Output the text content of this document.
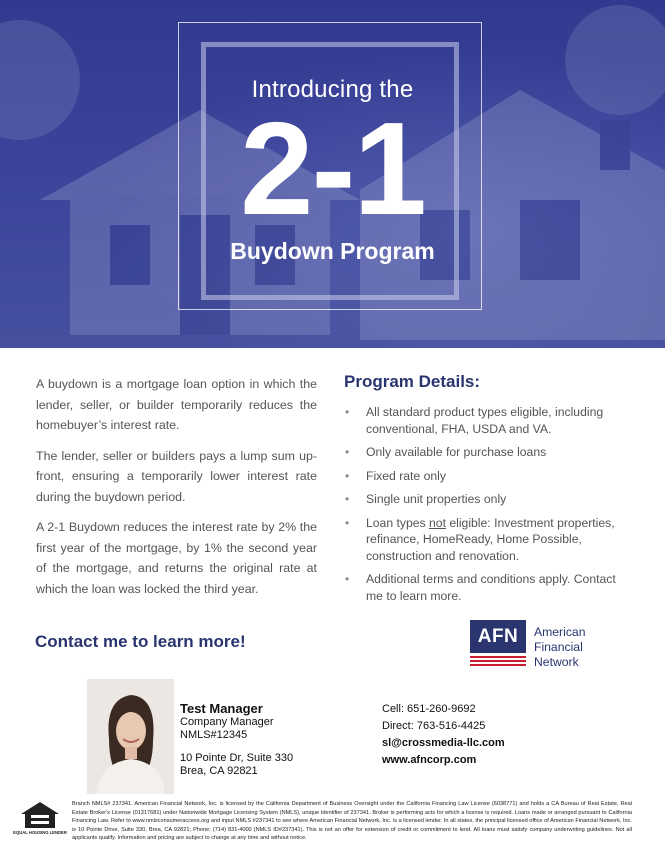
Introducing the
2-1
Buydown Program

A buydown is a mortgage loan option in which the lender, seller, or builder temporarily reduces the homebuyer’s interest rate.

The lender, seller or builders pays a lump sum up-front, ensuring a temporarily lower interest rate during the buydown period.

A 2-1 Buydown reduces the interest rate by 2% the first year of the mortgage, by 1% the second year of the mortgage, and returns the original rate at which the loan was locked the third year.

Program Details:
• All standard product types eligible, including conventional, FHA, USDA and VA.
• Only available for purchase loans
• Fixed rate only
• Single unit properties only
• Loan types not eligible: Investment properties, refinance, HomeReady, Home Possible, construction and renovation.
• Additional terms and conditions apply. Contact me to learn more.
Contact me to learn more!	AFN	American
Financial
Network
Test Manager
Company Manager
NMLS#12345
10 Pointe Dr, Suite 330
Brea, CA 92821
Cell: 651-260-9692
Direct: 763-516-4425
sl@crossmedia-llc.com
www.afncorp.com
EQUAL HOUSING LENDER
Branch NMLS# 237341. American Financial Network, Inc. is licensed by the California Department of Business Oversight under the California Financing Law License (6038771) and holds a CA Bureau of Real Estate, Real Estate Broker's License (01317681) under Nationwide Mortgage Licensing System (NMLS), unique Identifier of 237341. Broker is performing acts for which a license is required. Loans made or arranged pursuant to California Financing Law. Refer to www.nmlsconsumeraccess.org and input NMLS #237341 to see where American Financial Network, Inc. is a licensed lender. In all states, the principal licensed office of American Financial Network, Inc. is 10 Pointe Drive, Suite 330, Brea, CA 92821; Phone: (714) 831-4000 (NMLS ID#237341). This is not an offer for extension of credit or commitment to lend. All loans must satisfy company underwriting guidelines. Not all applicants qualify. Information and pricing are subject to change at any time and without notice.
